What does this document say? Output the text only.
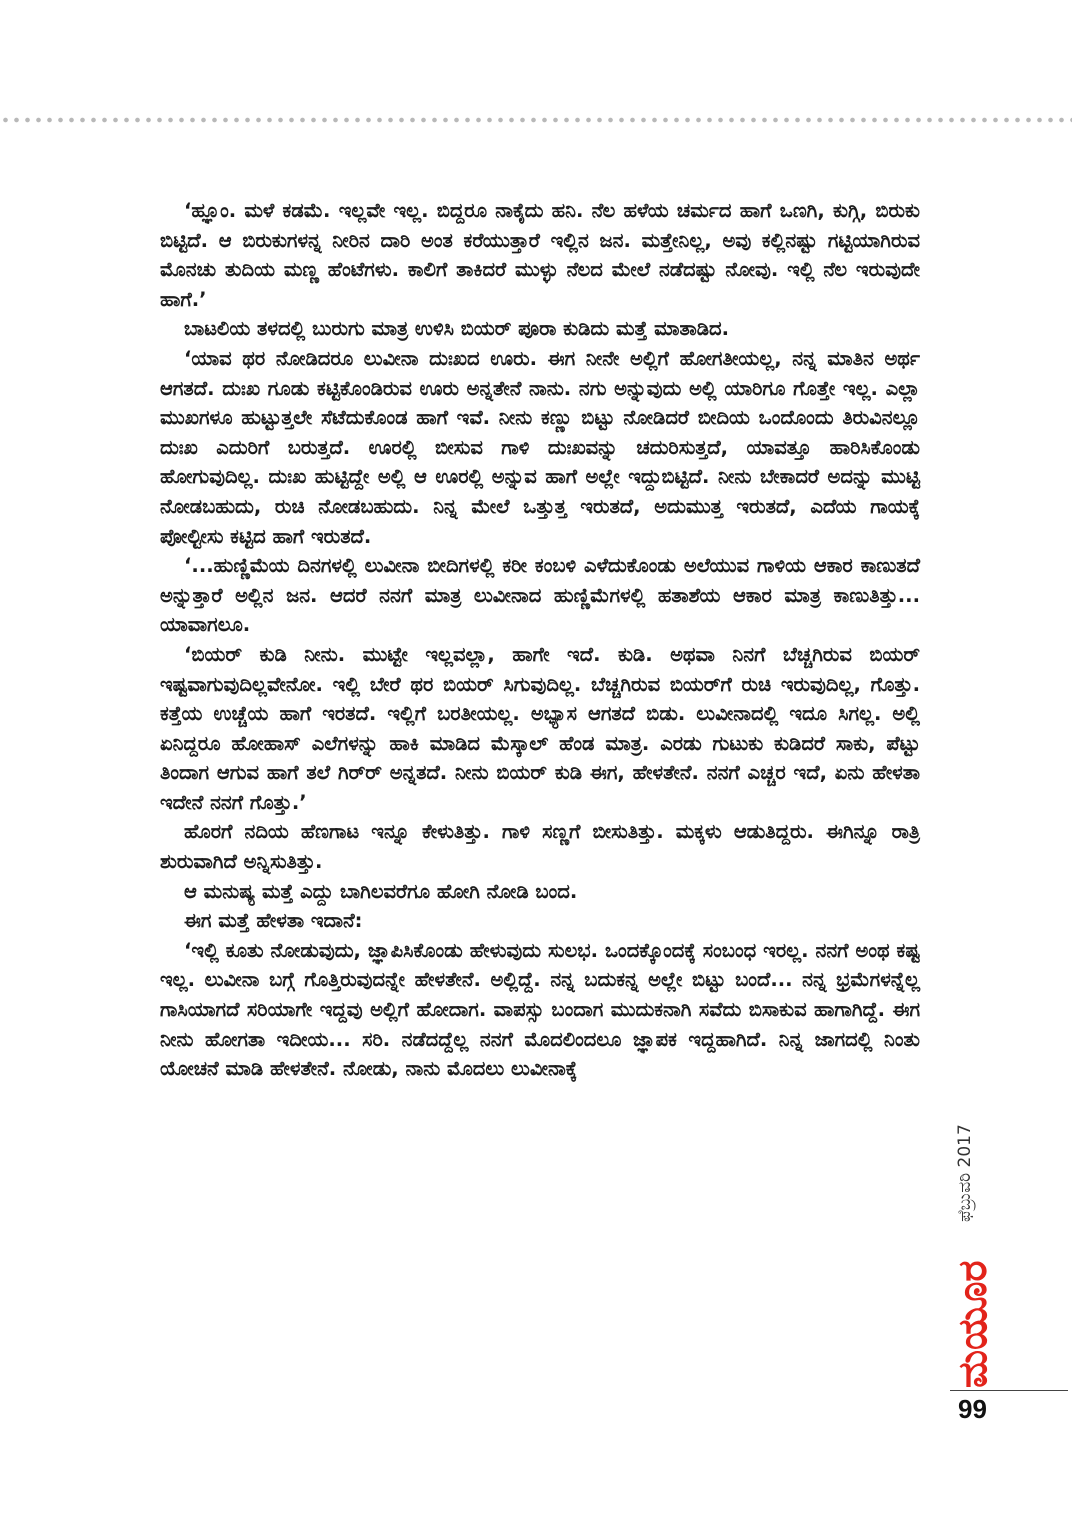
‘ಹ್ಞೂಂ. ಮಳೆ ಕಡಮೆ. ಇಲ್ಲವೇ ಇಲ್ಲ. ಬಿದ್ದರೂ ನಾಕೈದು ಹನಿ. ನೆಲ ಹಳೆಯ ಚರ್ಮದ ಹಾಗೆ ಒಣಗಿ, ಕುಗ್ಗಿ, ಬಿರುಕು ಬಿಟ್ಟಿದೆ. ಆ ಬಿರುಕುಗಳನ್ನ ನೀರಿನ ದಾರಿ ಅಂತ ಕರೆಯುತ್ತಾರೆ ಇಲ್ಲಿನ ಜನ. ಮತ್ತೇನಿಲ್ಲ, ಅವು ಕಲ್ಲಿನಷ್ಟು ಗಟ್ಟಿಯಾಗಿರುವ ಮೊನಚು ತುದಿಯ ಮಣ್ಣ ಹೆಂಟೆಗಳು. ಕಾಲಿಗೆ ತಾಕಿದರೆ ಮುಳ್ಳು ನೆಲದ ಮೇಲೆ ನಡೆದಷ್ಟು ನೋವು. ಇಲ್ಲಿ ನೆಲ ಇರುವುದೇ ಹಾಗೆ.’

ಬಾಟಲಿಯ ತಳದಲ್ಲಿ ಬುರುಗು ಮಾತ್ರ ಉಳಿಸಿ ಬಿಯರ್ ಪೂರಾ ಕುಡಿದು ಮತ್ತೆ ಮಾತಾಡಿದ.

‘ಯಾವ ಥರ ನೋಡಿದರೂ ಲುವೀನಾ ದುಃಖದ ಊರು. ಈಗ ನೀನೇ ಅಲ್ಲಿಗೆ ಹೋಗತೀಯಲ್ಲ, ನನ್ನ ಮಾತಿನ ಅರ್ಥ ಆಗತದೆ. ದುಃಖ ಗೂಡು ಕಟ್ಟಿಕೊಂಡಿರುವ ಊರು ಅನ್ನತೇನೆ ನಾನು. ನಗು ಅನ್ನುವುದು ಅಲ್ಲಿ ಯಾರಿಗೂ ಗೊತ್ತೇ ಇಲ್ಲ. ಎಲ್ಲಾ ಮುಖಗಳೂ ಹುಟ್ಟುತ್ತಲೇ ಸೆಟೆದುಕೊಂಡ ಹಾಗೆ ಇವೆ. ನೀನು ಕಣ್ಣು ಬಿಟ್ಟು ನೋಡಿದರೆ ಬೀದಿಯ ಒಂದೊಂದು ತಿರುವಿನಲ್ಲೂ ದುಃಖ ಎದುರಿಗೆ ಬರುತ್ತದೆ. ಊರಲ್ಲಿ ಬೀಸುವ ಗಾಳಿ ದುಃಖವನ್ನು ಚದುರಿಸುತ್ತದೆ, ಯಾವತ್ತೂ ಹಾರಿಸಿಕೊಂಡು ಹೋಗುವುದಿಲ್ಲ. ದುಃಖ ಹುಟ್ಟಿದ್ದೇ ಅಲ್ಲಿ ಆ ಊರಲ್ಲಿ ಅನ್ನುವ ಹಾಗೆ ಅಲ್ಲೇ ಇದ್ದುಬಿಟ್ಟಿದೆ. ನೀನು ಬೇಕಾದರೆ ಅದನ್ನು ಮುಟ್ಟಿ ನೋಡಬಹುದು, ರುಚಿ ನೋಡಬಹುದು. ನಿನ್ನ ಮೇಲೆ ಒತ್ತುತ್ತ ಇರುತದೆ, ಅದುಮುತ್ತ ಇರುತದೆ, ಎದೆಯ ಗಾಯಕ್ಕೆ ಪೋಲ್ಟೀಸು ಕಟ್ಟಿದ ಹಾಗೆ ಇರುತದೆ.

‘...ಹುಣ್ಣಿಮೆಯ ದಿನಗಳಲ್ಲಿ ಲುವೀನಾ ಬೀದಿಗಳಲ್ಲಿ ಕರೀ ಕಂಬಳಿ ಎಳೆದುಕೊಂಡು ಅಲೆಯುವ ಗಾಳಿಯ ಆಕಾರ ಕಾಣುತದೆ ಅನ್ನುತ್ತಾರೆ ಅಲ್ಲಿನ ಜನ. ಆದರೆ ನನಗೆ ಮಾತ್ರ ಲುವೀನಾದ ಹುಣ್ಣಿಮೆಗಳಲ್ಲಿ ಹತಾಶೆಯ ಆಕಾರ ಮಾತ್ರ ಕಾಣುತಿತ್ತು... ಯಾವಾಗಲೂ.

‘ಬಿಯರ್ ಕುಡಿ ನೀನು. ಮುಟ್ಟೇ ಇಲ್ಲವಲ್ಲಾ, ಹಾಗೇ ಇದೆ. ಕುಡಿ. ಅಥವಾ ನಿನಗೆ ಬೆಚ್ಚಗಿರುವ ಬಿಯರ್ ಇಷ್ಟವಾಗುವುದಿಲ್ಲವೇನೋ. ಇಲ್ಲಿ ಬೇರೆ ಥರ ಬಿಯರ್ ಸಿಗುವುದಿಲ್ಲ. ಬೆಚ್ಚಗಿರುವ ಬಿಯರ್‌ಗೆ ರುಚಿ ಇರುವುದಿಲ್ಲ, ಗೊತ್ತು. ಕತ್ತೆಯ ಉಚ್ಚೆಯ ಹಾಗೆ ಇರತದೆ. ಇಲ್ಲಿಗೆ ಬರತೀಯಲ್ಲ. ಅಭ್ಯಾಸ ಆಗತದೆ ಬಿಡು. ಲುವೀನಾದಲ್ಲಿ ಇದೂ ಸಿಗಲ್ಲ. ಅಲ್ಲಿ ಏನಿದ್ದರೂ ಹೋಹಾಸ್ ಎಲೆಗಳನ್ನು ಹಾಕಿ ಮಾಡಿದ ಮೆಸ್ಕಾಲ್ ಹೆಂಡ ಮಾತ್ರ. ಎರಡು ಗುಟುಕು ಕುಡಿದರೆ ಸಾಕು, ಪೆಟ್ಟು ತಿಂದಾಗ ಆಗುವ ಹಾಗೆ ತಲೆ ಗಿರ್‌ರ್ ಅನ್ನತದೆ. ನೀನು ಬಿಯರ್ ಕುಡಿ ಈಗ, ಹೇಳತೇನೆ. ನನಗೆ ಎಚ್ಚರ ಇದೆ, ಏನು ಹೇಳತಾ ಇದೇನೆ ನನಗೆ ಗೊತ್ತು.’

ಹೊರಗೆ ನದಿಯ ಹೆಣಗಾಟ ಇನ್ನೂ ಕೇಳುತಿತ್ತು. ಗಾಳಿ ಸಣ್ಣಗೆ ಬೀಸುತಿತ್ತು. ಮಕ್ಕಳು ಆಡುತಿದ್ದರು. ಈಗಿನ್ನೂ ರಾತ್ರಿ ಶುರುವಾಗಿದೆ ಅನ್ನಿಸುತಿತ್ತು.

ಆ ಮನುಷ್ಯ ಮತ್ತೆ ಎದ್ದು ಬಾಗಿಲವರೆಗೂ ಹೋಗಿ ನೋಡಿ ಬಂದ.

ಈಗ ಮತ್ತೆ ಹೇಳತಾ ಇದಾನೆ:

‘ಇಲ್ಲಿ ಕೂತು ನೋಡುವುದು, ಜ್ಞಾಪಿಸಿಕೊಂಡು ಹೇಳುವುದು ಸುಲಭ. ಒಂದಕ್ಕೊಂದಕ್ಕೆ ಸಂಬಂಧ ಇರಲ್ಲ. ನನಗೆ ಅಂಥ ಕಷ್ಟ ಇಲ್ಲ. ಲುವೀನಾ ಬಗ್ಗೆ ಗೊತ್ತಿರುವುದನ್ನೇ ಹೇಳತೇನೆ. ಅಲ್ಲಿದ್ದೆ. ನನ್ನ ಬದುಕನ್ನ ಅಲ್ಲೇ ಬಿಟ್ಟು ಬಂದೆ... ನನ್ನ ಭ್ರಮೆಗಳನ್ನೆಲ್ಲ ಗಾಸಿಯಾಗದೆ ಸರಿಯಾಗೇ ಇದ್ದವು ಅಲ್ಲಿಗೆ ಹೋದಾಗ. ವಾಪಸ್ಸು ಬಂದಾಗ ಮುದುಕನಾಗಿ ಸವೆದು ಬಿಸಾಕುವ ಹಾಗಾಗಿದ್ದೆ. ಈಗ ನೀನು ಹೋಗತಾ ಇದೀಯ... ಸರಿ. ನಡೆದದ್ದೆಲ್ಲ ನನಗೆ ಮೊದಲಿಂದಲೂ ಜ್ಞಾಪಕ ಇದ್ದಹಾಗಿದೆ. ನಿನ್ನ ಜಾಗದಲ್ಲಿ ನಿಂತು ಯೋಚನೆ ಮಾಡಿ ಹೇಳತೇನೆ. ನೋಡು, ನಾನು ಮೊದಲು ಲುವೀನಾಕ್ಕೆ

ಫೆಬ್ರುವರಿ 2017
ಮಯೂರ
99
